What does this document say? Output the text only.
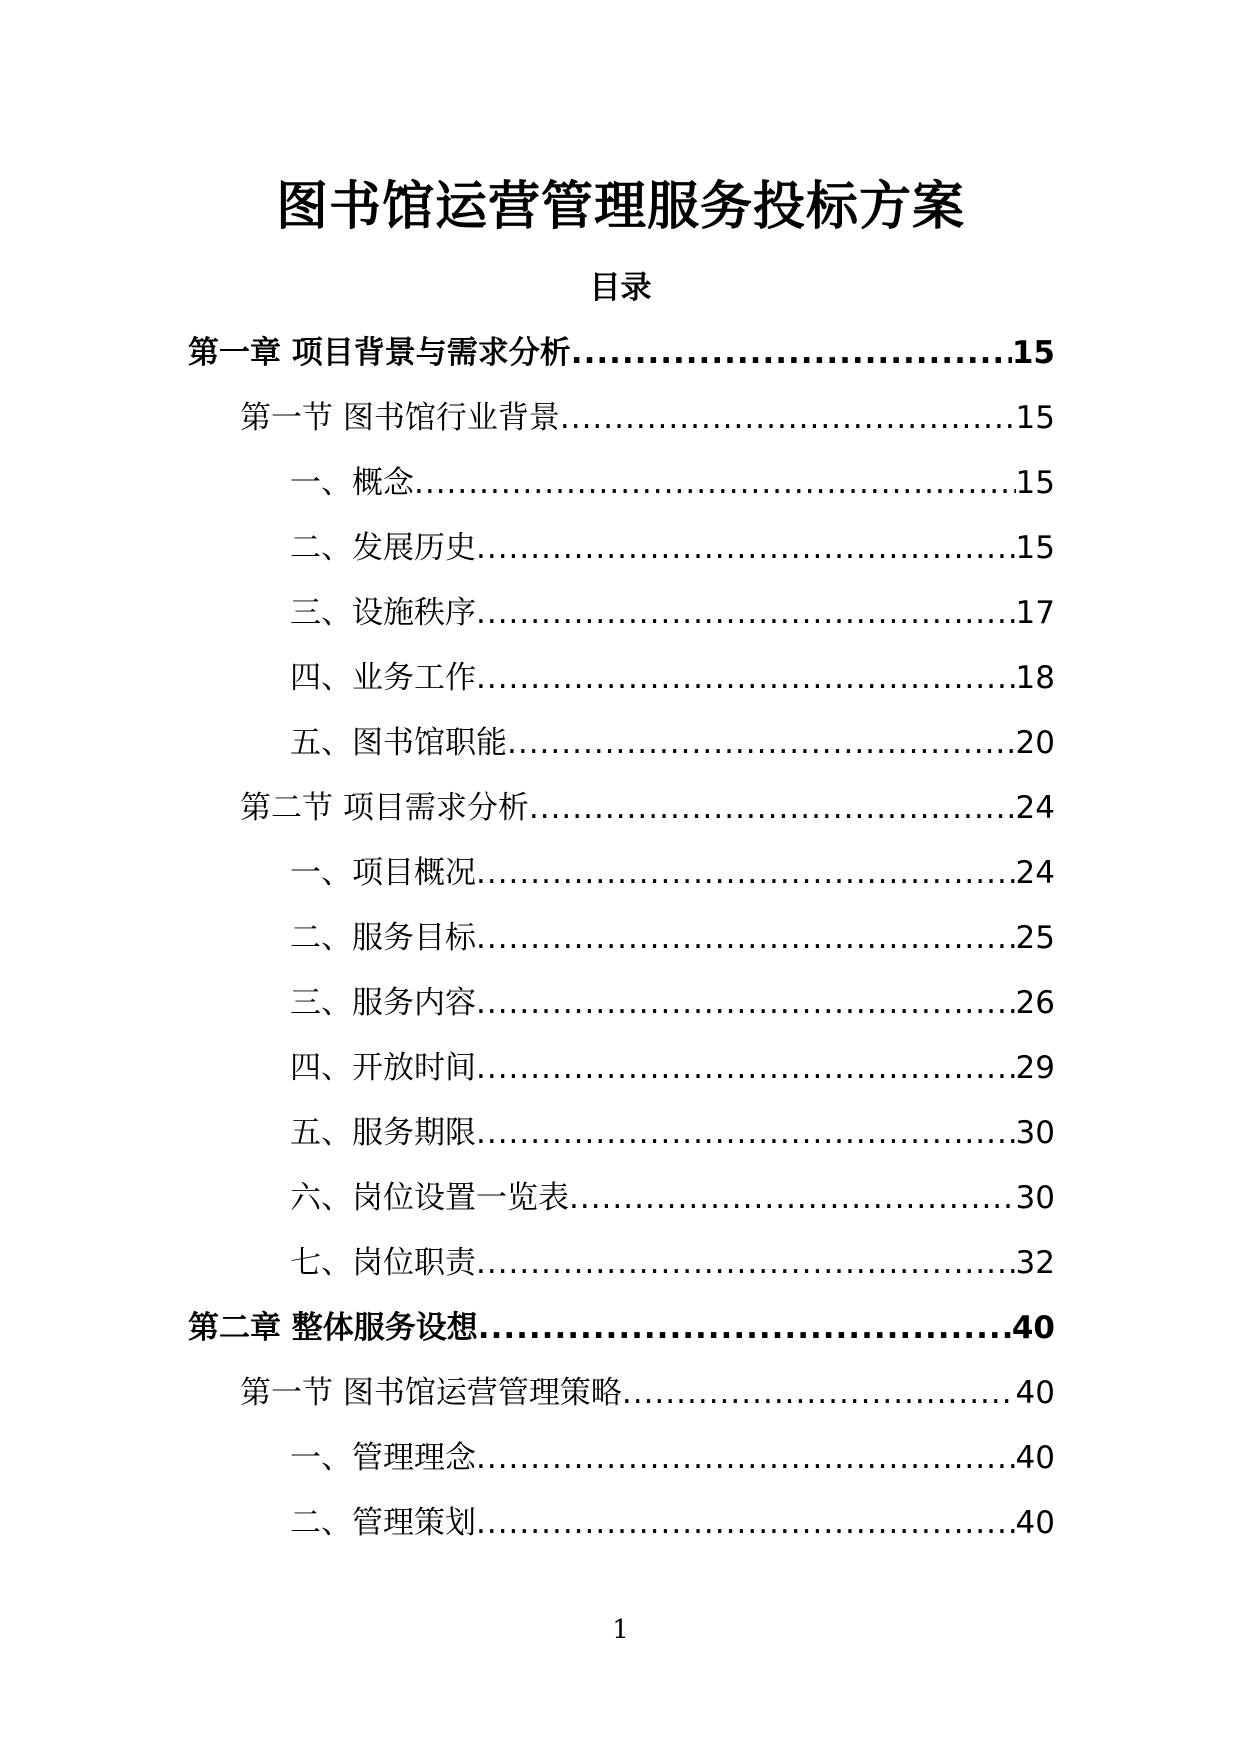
图书馆运营管理服务投标方案
目录
第一章 项目背景与需求分析 .....	15
第一节 图书馆行业背景 .....	15
一、概念 .....	15
二、发展历史 .....	15
三、设施秩序 .....	17
四、业务工作 .....	18
五、图书馆职能 .....	20
第二节 项目需求分析 .....	24
一、项目概况 .....	24
二、服务目标 .....	25
三、服务内容 .....	26
四、开放时间 .....	29
五、服务期限 .....	30
六、岗位设置一览表 .....	30
七、岗位职责 .....	32
第二章 整体服务设想 .....	40
第一节 图书馆运营管理策略 .....	40
一、管理理念 .....	40
二、管理策划 .....	40
1
